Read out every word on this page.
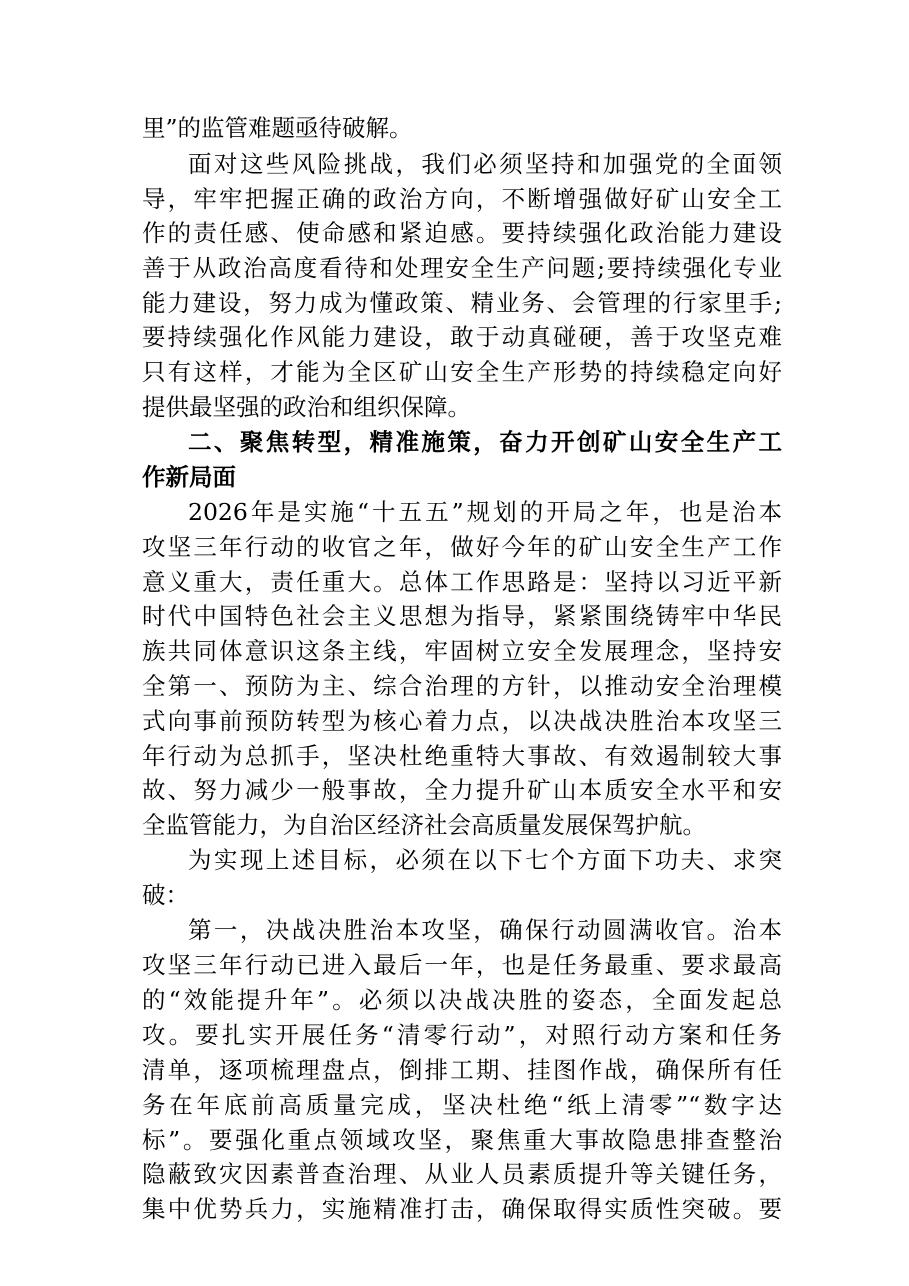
里”的监管难题亟待破解。
面对这些风险挑战，我们必须坚持和加强党的全面领
导，牢牢把握正确的政治方向，不断增强做好矿山安全工
作的责任感、使命感和紧迫感。要持续强化政治能力建设
善于从政治高度看待和处理安全生产问题;要持续强化专业
能力建设，努力成为懂政策、精业务、会管理的行家里手;
要持续强化作风能力建设，敢于动真碰硬，善于攻坚克难
只有这样，才能为全区矿山安全生产形势的持续稳定向好
提供最坚强的政治和组织保障。
二、聚焦转型，精准施策，奋力开创矿山安全生产工
作新局面
2026年是实施“十五五”规划的开局之年，也是治本
攻坚三年行动的收官之年，做好今年的矿山安全生产工作
意义重大，责任重大。总体工作思路是：坚持以习近平新
时代中国特色社会主义思想为指导，紧紧围绕铸牢中华民
族共同体意识这条主线，牢固树立安全发展理念，坚持安
全第一、预防为主、综合治理的方针，以推动安全治理模
式向事前预防转型为核心着力点，以决战决胜治本攻坚三
年行动为总抓手，坚决杜绝重特大事故、有效遏制较大事
故、努力减少一般事故，全力提升矿山本质安全水平和安
全监管能力，为自治区经济社会高质量发展保驾护航。
为实现上述目标，必须在以下七个方面下功夫、求突
破：
第一，决战决胜治本攻坚，确保行动圆满收官。治本
攻坚三年行动已进入最后一年，也是任务最重、要求最高
的“效能提升年”。必须以决战决胜的姿态，全面发起总
攻。要扎实开展任务“清零行动”，对照行动方案和任务
清单，逐项梳理盘点，倒排工期、挂图作战，确保所有任
务在年底前高质量完成，坚决杜绝“纸上清零”“数字达
标”。要强化重点领域攻坚，聚焦重大事故隐患排查整治
隐蔽致灾因素普查治理、从业人员素质提升等关键任务，
集中优势兵力，实施精准打击，确保取得实质性突破。要
